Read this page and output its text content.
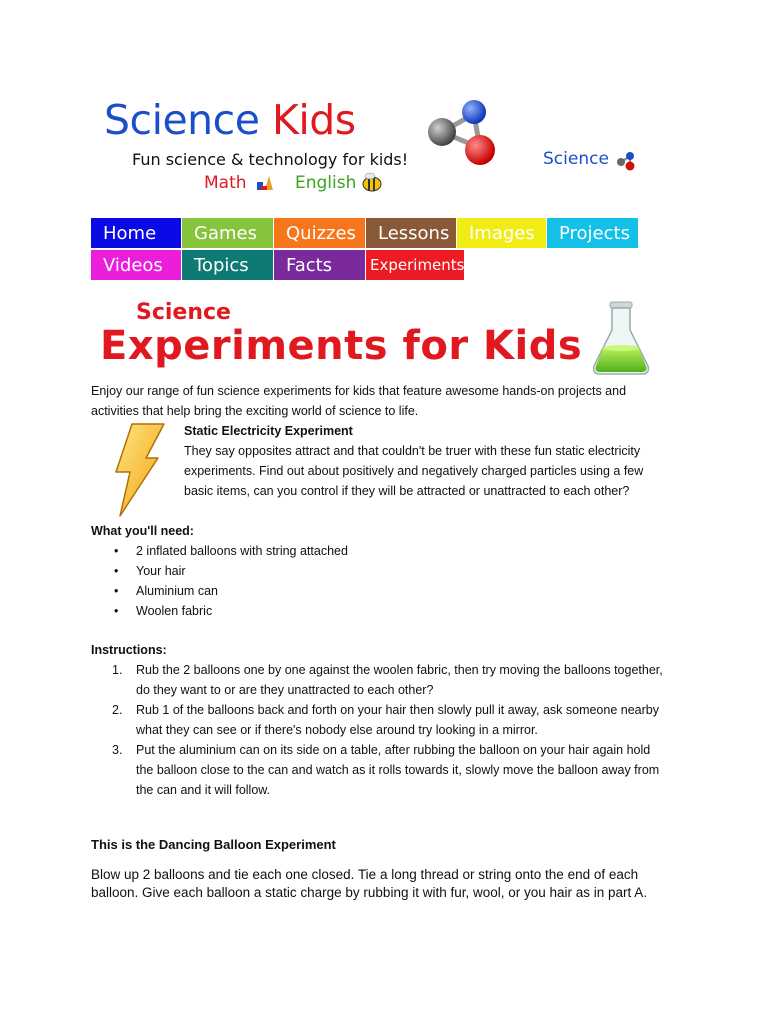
Science Kids
Fun science & technology for kids!
Math	English
Science
Home Games Quizzes Lessons Images Projects
Videos Topics Facts	Experiments
Science
Experiments for Kids
Enjoy our range of fun science experiments for kids that feature awesome hands-on projects and
activities that help bring the exciting world of science to life.
Static Electricity Experiment
They say opposites attract and that couldn't be truer with these fun static electricity
experiments. Find out about positively and negatively charged particles using a few
basic items, can you control if they will be attracted or unattracted to each other?
What you'll need:
• 2 inflated balloons with string attached
• Your hair
• Aluminium can
• Woolen fabric
Instructions:
1. Rub the 2 balloons one by one against the woolen fabric, then try moving the balloons together,
do they want to or are they unattracted to each other?
2. Rub 1 of the balloons back and forth on your hair then slowly pull it away, ask someone nearby
what they can see or if there's nobody else around try looking in a mirror.
3. Put the aluminium can on its side on a table, after rubbing the balloon on your hair again hold
the balloon close to the can and watch as it rolls towards it, slowly move the balloon away from
the can and it will follow.
This is the Dancing Balloon Experiment
Blow up 2 balloons and tie each one closed. Tie a long thread or string onto the end of each
balloon. Give each balloon a static charge by rubbing it with fur, wool, or you hair as in part A.
